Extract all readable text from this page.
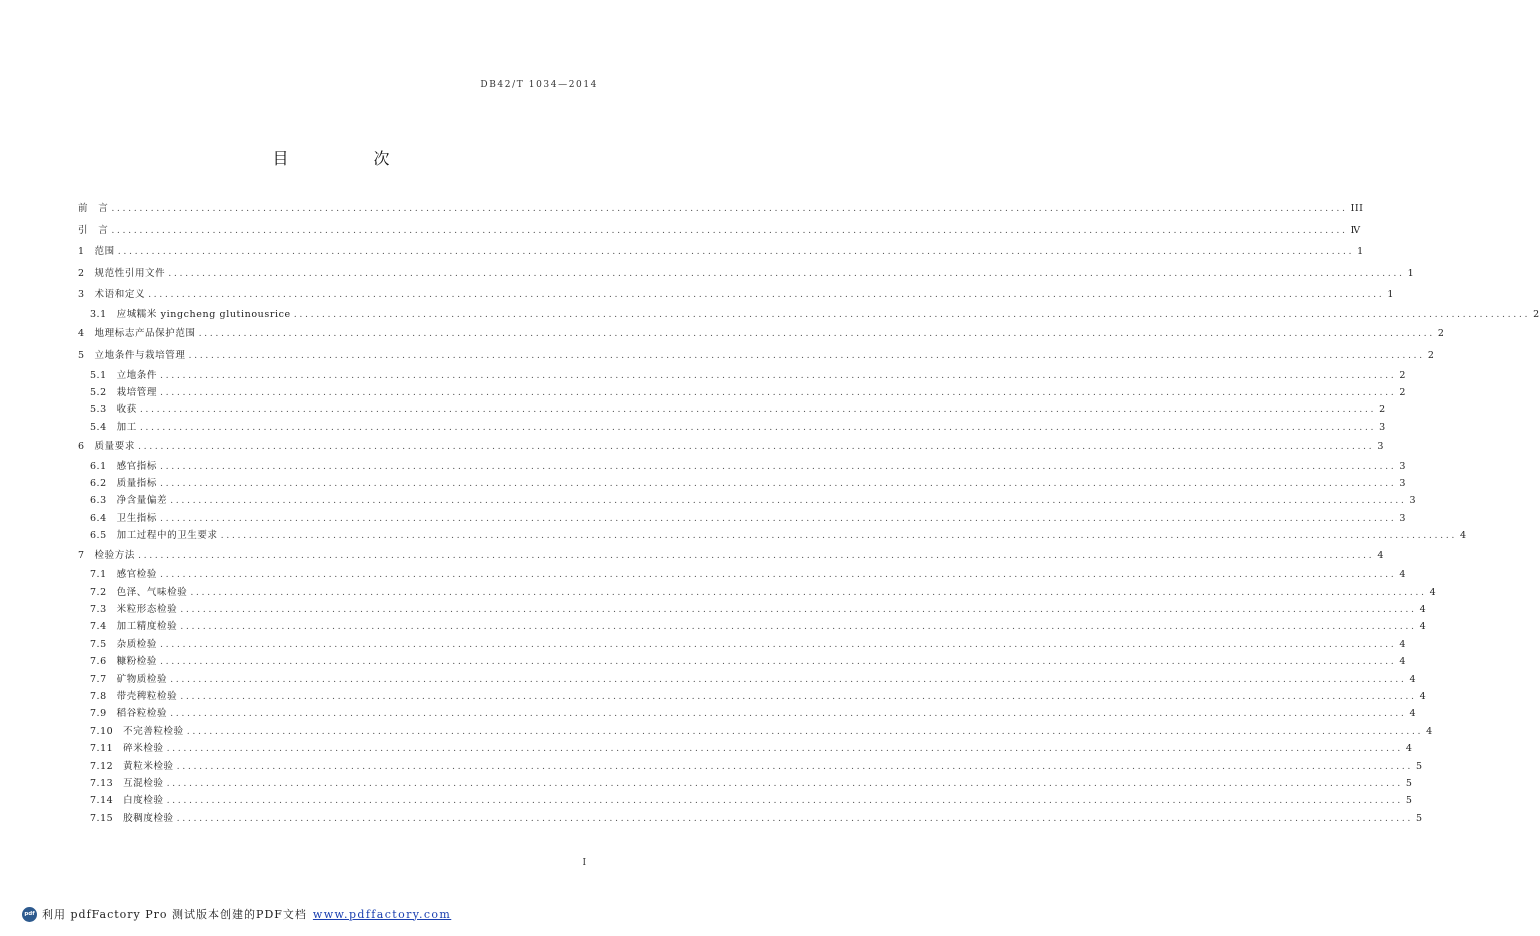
DB42/T 1034—2014
目 次
前　言 ............................................................................................................................................................................................................................ III
引　言 ............................................................................................................................................................................................................................ Ⅳ
1	范围 ............................................................................................................................................................................................................................ 1
2	规范性引用文件 ............................................................................................................................................................................................................................ 1
3	术语和定义 ............................................................................................................................................................................................................................ 1
3.1	应城糯米 yingcheng glutinousrice ............................................................................................................................................................................................................................ 2
4	地理标志产品保护范围 ............................................................................................................................................................................................................................ 2
5	立地条件与栽培管理 ............................................................................................................................................................................................................................ 2
5.1	立地条件 ............................................................................................................................................................................................................................ 2
5.2	栽培管理 ............................................................................................................................................................................................................................ 2
5.3	收获 ............................................................................................................................................................................................................................ 2
5.4	加工 ............................................................................................................................................................................................................................ 3
6	质量要求 ............................................................................................................................................................................................................................ 3
6.1	感官指标 ............................................................................................................................................................................................................................ 3
6.2	质量指标 ............................................................................................................................................................................................................................ 3
6.3	净含量偏差 ............................................................................................................................................................................................................................ 3
6.4	卫生指标 ............................................................................................................................................................................................................................ 3
6.5	加工过程中的卫生要求 ............................................................................................................................................................................................................................ 4
7	检验方法 ............................................................................................................................................................................................................................ 4
7.1	感官检验 ............................................................................................................................................................................................................................ 4
7.2	色泽、气味检验 ............................................................................................................................................................................................................................ 4
7.3	米粒形态检验 ............................................................................................................................................................................................................................ 4
7.4	加工精度检验 ............................................................................................................................................................................................................................ 4
7.5	杂质检验 ............................................................................................................................................................................................................................ 4
7.6	糠粉检验 ............................................................................................................................................................................................................................ 4
7.7	矿物质检验 ............................................................................................................................................................................................................................ 4
7.8	带壳稗粒检验 ............................................................................................................................................................................................................................ 4
7.9	稻谷粒检验 ............................................................................................................................................................................................................................ 4
7.10	不完善粒检验 ............................................................................................................................................................................................................................ 4
7.11	碎米检验 ............................................................................................................................................................................................................................ 4
7.12	黄粒米检验 ............................................................................................................................................................................................................................ 5
7.13	互混检验 ............................................................................................................................................................................................................................ 5
7.14	白度检验 ............................................................................................................................................................................................................................ 5
7.15	胶稠度检验 ............................................................................................................................................................................................................................ 5
I
pdf 利用 pdfFactory Pro 测试版本创建的PDF文档 www.pdffactory.com
